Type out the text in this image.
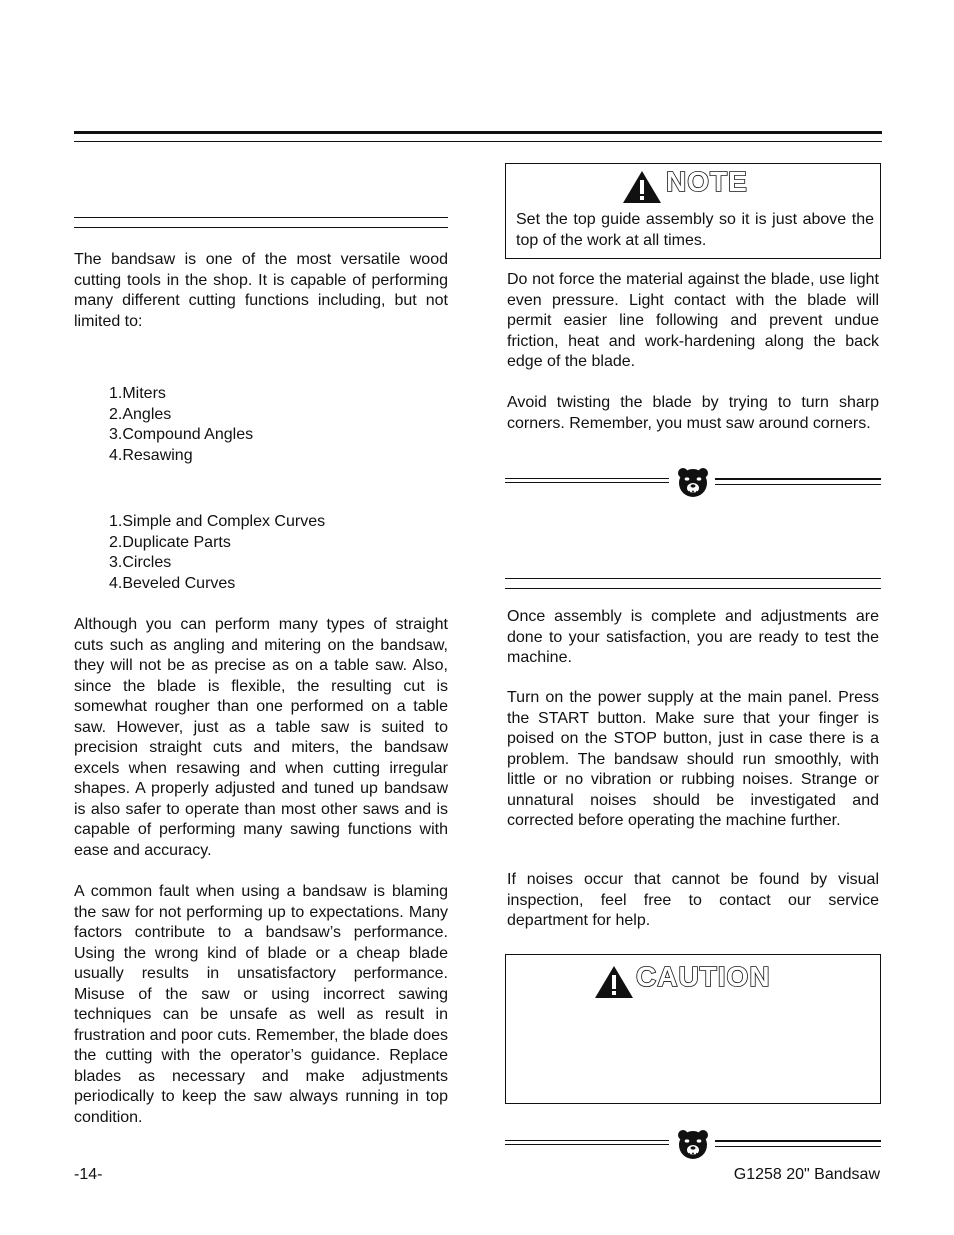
The bandsaw is one of the most versatile wood cutting tools in the shop. It is capable of performing many different cutting functions including, but not limited to:

1.Miters
2.Angles
3.Compound Angles
4.Resawing
1.Simple and Complex Curves
2.Duplicate Parts
3.Circles
4.Beveled Curves

Although you can perform many types of straight cuts such as angling and mitering on the bandsaw, they will not be as precise as on a table saw. Also, since the blade is flexible, the resulting cut is somewhat rougher than one performed on a table saw. However, just as a table saw is suited to precision straight cuts and miters, the bandsaw excels when resawing and when cutting irregular shapes. A properly adjusted and tuned up bandsaw is also safer to operate than most other saws and is capable of performing many sawing functions with ease and accuracy.

A common fault when using a bandsaw is blaming the saw for not performing up to expectations. Many factors contribute to a bandsaw’s performance. Using the wrong kind of blade or a cheap blade usually results in unsatisfactory performance. Misuse of the saw or using incorrect sawing techniques can be unsafe as well as result in frustration and poor cuts. Remember, the blade does the cutting with the operator’s guidance. Replace blades as necessary and make adjustments periodically to keep the saw always running in top condition.

NOTE

Set the top guide assembly so it is just above the top of the work at all times.

Do not force the material against the blade, use light even pressure. Light contact with the blade will permit easier line following and prevent undue friction, heat and work-hardening along the back edge of the blade.

Avoid twisting the blade by trying to turn sharp corners. Remember, you must saw around corners.

Once assembly is complete and adjustments are done to your satisfaction, you are ready to test the machine.

Turn on the power supply at the main panel. Press the START button. Make sure that your finger is poised on the STOP button, just in case there is a problem. The bandsaw should run smoothly, with little or no vibration or rubbing noises. Strange or unnatural noises should be investigated and corrected before operating the machine further.

If noises occur that cannot be found by visual inspection, feel free to contact our service department for help.

CAUTION
-14-	G1258 20" Bandsaw
